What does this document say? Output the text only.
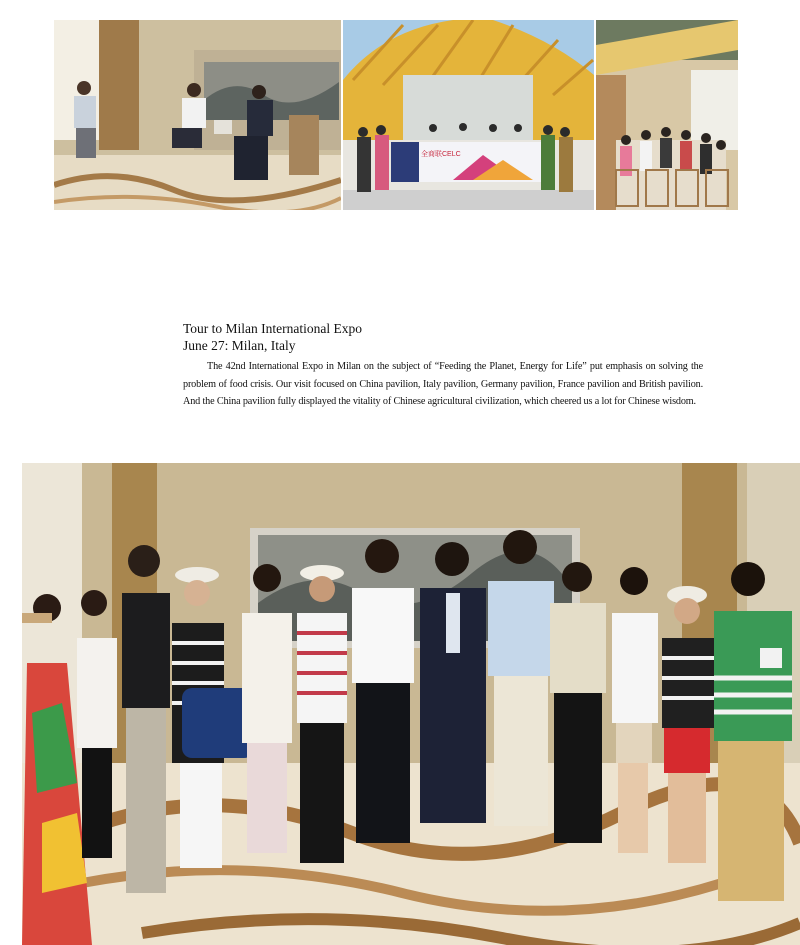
全商联CELC
Tour to Milan International Expo

June 27: Milan, Italy

The 42nd International Expo in Milan on the subject of “Feeding the Planet, Energy for Life” put emphasis on solving the problem of food crisis. Our visit focused on China pavilion, Italy pavilion, Germany pavilion, France pavilion and British pavilion. And the China pavilion fully displayed the vitality of Chinese agricultural civilization, which cheered us a lot for Chinese wisdom.
